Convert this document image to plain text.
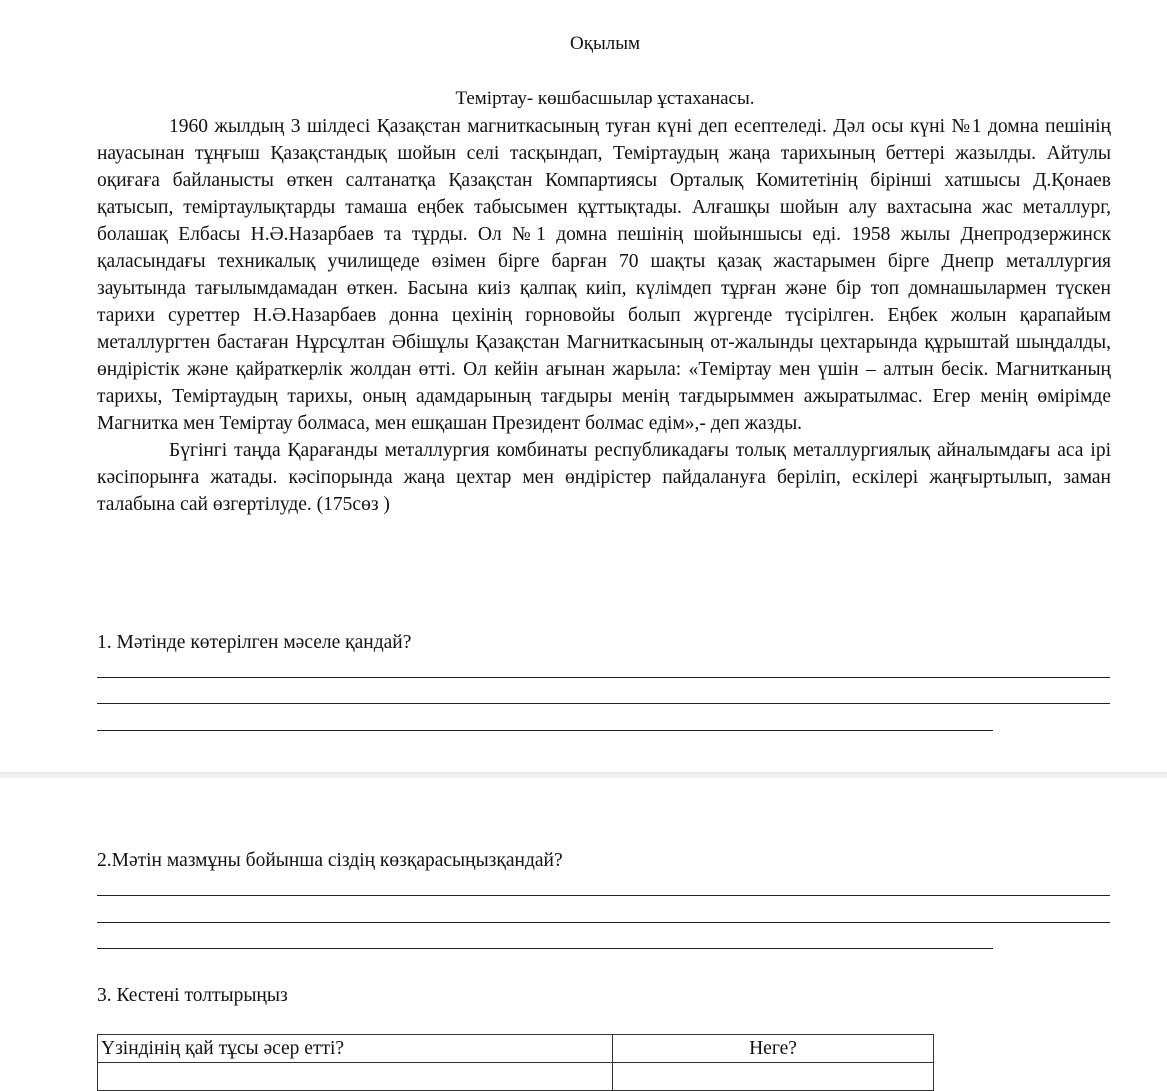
Оқылым
Теміртау- көшбасшылар ұстаханасы.

1960 жылдың 3 шілдесі Қазақстан магниткасының туған күні деп есептеледі. Дәл осы күні №1 домна пешінің науасынан тұңғыш Қазақстандық шойын селі тасқындап, Теміртаудың жаңа тарихының беттері жазылды. Айтулы оқиғаға байланысты өткен салтанатқа Қазақстан Компартиясы Орталық Комитетінің бірінші хатшысы Д.Қонаев қатысып, теміртаулықтарды тамаша еңбек табысымен құттықтады. Алғашқы шойын алу вахтасына жас металлург, болашақ Елбасы Н.Ә.Назарбаев та тұрды. Ол №1 домна пешінің шойыншысы еді. 1958 жылы Днепродзержинск қаласындағы техникалық училищеде өзімен бірге барған 70 шақты қазақ жастарымен бірге Днепр металлургия зауытында тағылымдамадан өткен. Басына киіз қалпақ киіп, күлімдеп тұрған және бір топ домнашылармен түскен тарихи суреттер Н.Ә.Назарбаев донна цехінің горновойы болып жүргенде түсірілген. Еңбек жолын қарапайым металлургтен бастаған Нұрсұлтан Әбішұлы Қазақстан Магниткасының от-жалынды цехтарында құрыштай шыңдалды, өндірістік және қайраткерлік жолдан өтті. Ол кейін ағынан жарыла: «Теміртау мен үшін – алтын бесік. Магнитканың тарихы, Теміртаудың тарихы, оның адамдарының тағдыры менің тағдырыммен ажыратылмас. Егер менің өмірімде Магнитка мен Теміртау болмаса, мен ешқашан Президент болмас едім»,- деп жазды.

Бүгінгі таңда Қарағанды металлургия комбинаты республикадағы толық металлургиялық айналымдағы аса ірі кәсіпорынға жатады. кәсіпорында жаңа цехтар мен өндірістер пайдалануға беріліп, ескілері жаңғыртылып, заман талабына сай өзгертілуде. (175сөз )

1. Мәтінде көтерілген мәселе қандай?
2.Мәтін мазмұны бойынша сіздің көзқарасыңызқандай?
3. Кестені толтырыңыз
Үзіндінің қай тұсы әсер етті?	Неге?
